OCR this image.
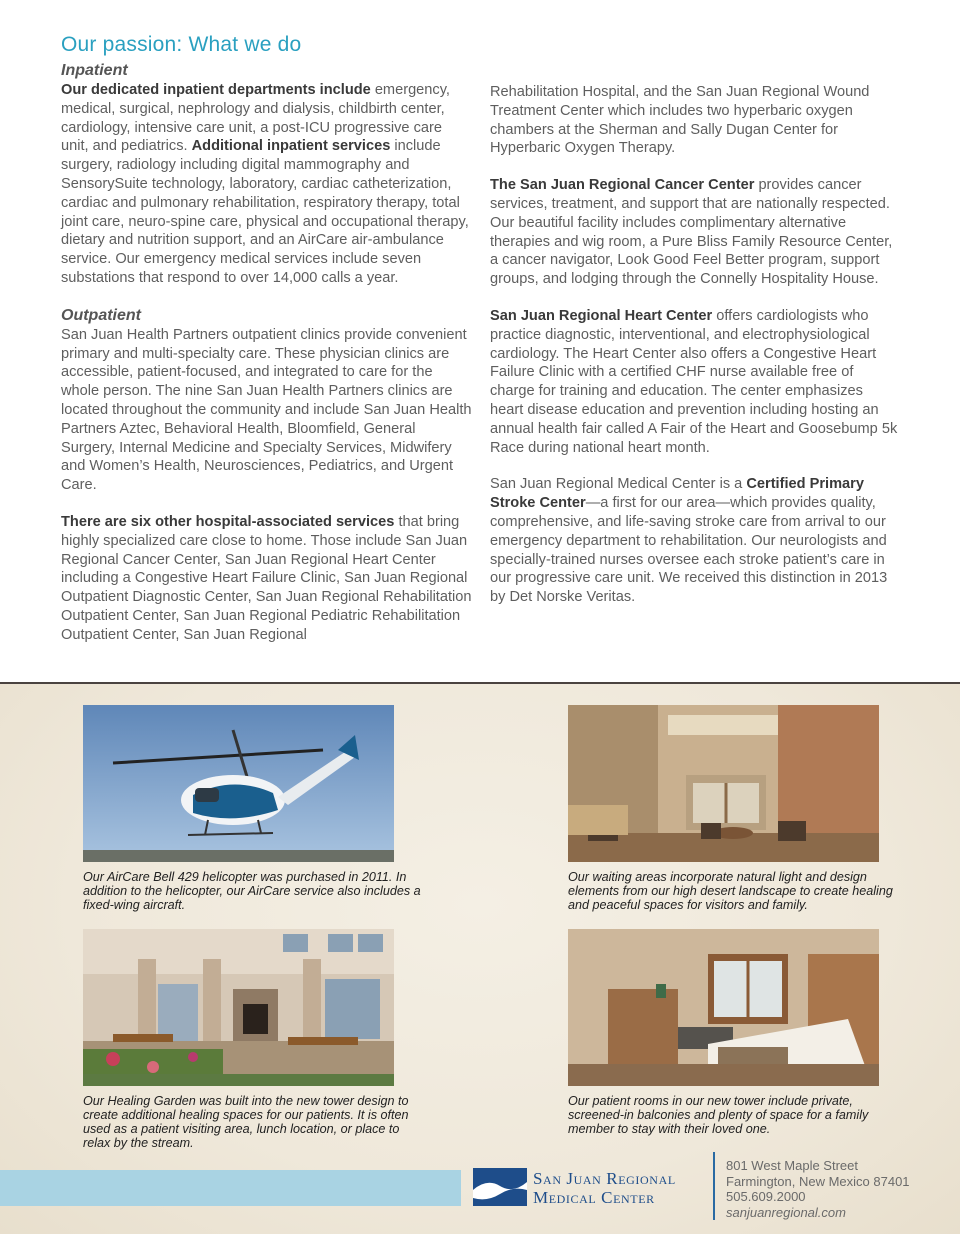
Our passion: What we do

Inpatient

Our dedicated inpatient departments include emergency, medical, surgical, nephrology and dialysis, childbirth center, cardiology, intensive care unit, a post-ICU progressive care unit, and pediatrics. Additional inpatient services include surgery, radiology including digital mammography and SensorySuite technology, laboratory, cardiac catheterization, cardiac and pulmonary rehabilitation, respiratory therapy, total joint care, neuro-spine care, physical and occupational therapy, dietary and nutrition support, and an AirCare air-ambulance service. Our emergency medical services include seven substations that respond to over 14,000 calls a year.

Outpatient

San Juan Health Partners outpatient clinics provide convenient primary and multi-specialty care. These physician clinics are accessible, patient-focused, and integrated to care for the whole person. The nine San Juan Health Partners clinics are located throughout the community and include San Juan Health Partners Aztec, Behavioral Health, Bloomfield, General Surgery, Internal Medicine and Specialty Services, Midwifery and Women’s Health, Neurosciences, Pediatrics, and Urgent Care.

There are six other hospital-associated services that bring highly specialized care close to home. Those include San Juan Regional Cancer Center, San Juan Regional Heart Center including a Congestive Heart Failure Clinic, San Juan Regional Outpatient Diagnostic Center, San Juan Regional Rehabilitation Outpatient Center, San Juan Regional Pediatric Rehabilitation Outpatient Center, San Juan Regional

Rehabilitation Hospital, and the San Juan Regional Wound Treatment Center which includes two hyperbaric oxygen chambers at the Sherman and Sally Dugan Center for Hyperbaric Oxygen Therapy.

The San Juan Regional Cancer Center provides cancer services, treatment, and support that are nationally respected. Our beautiful facility includes complimentary alternative therapies and wig room, a Pure Bliss Family Resource Center, a cancer navigator, Look Good Feel Better program, support groups, and lodging through the Connelly Hospitality House.

San Juan Regional Heart Center offers cardiologists who practice diagnostic, interventional, and electrophysiological cardiology. The Heart Center also offers a Congestive Heart Failure Clinic with a certified CHF nurse available free of charge for training and education. The center emphasizes heart disease education and prevention including hosting an annual health fair called A Fair of the Heart and Goosebump 5k Race during national heart month.

San Juan Regional Medical Center is a Certified Primary Stroke Center—a first for our area—which provides quality, comprehensive, and life-saving stroke care from arrival to our emergency department to rehabilitation. Our neurologists and specially-trained nurses oversee each stroke patient’s care in our progressive care unit. We received this distinction in 2013 by Det Norske Veritas.

Our AirCare Bell 429 helicopter was purchased in 2011. In addition to the helicopter, our AirCare service also includes a fixed-wing aircraft.
Our waiting areas incorporate natural light and design elements from our high desert landscape to create healing and peaceful spaces for visitors and family.
Our Healing Garden was built into the new tower design to create additional healing spaces for our patients. It is often used as a patient visiting area, lunch location, or place to relax by the stream.
Our patient rooms in our new tower include private, screened-in balconies and plenty of space for a family member to stay with their loved one.
San Juan Regional
Medical Center
801 West Maple Street
Farmington, New Mexico 87401
505.609.2000
sanjuanregional.com
